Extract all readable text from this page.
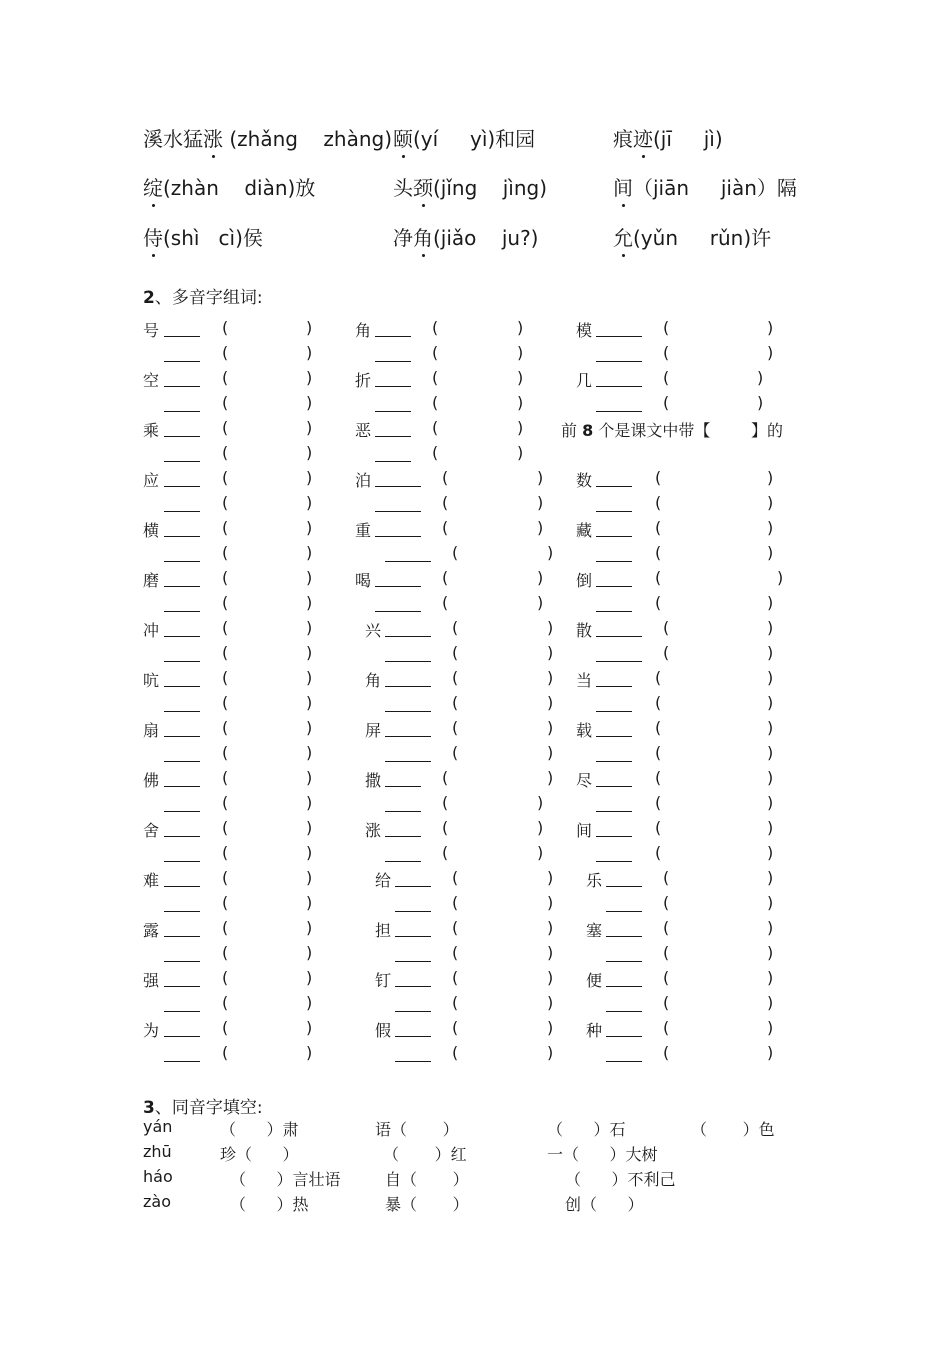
溪水猛涨 (zhǎng    zhàng) 颐(yí     yì)和园	痕迹(jī     jì)
绽(zhàn    diàn)放	头颈(jǐng    jìng)	间（jiān     jiàn）隔
侍(shì   cì)侯	净角(jiǎo    ju?)	允(yǔn     rǔn)许
2、多音字组词:
号	(	)	角	(	)	模	(	)
(	)	(	)	(	)
空	(	)	折	(	)	几	(	)
(	)	(	)	(	)
乘	(	)	恶	(	)
(	)	(	)
应	(	)	泊	(	) 数	(	)
(	)	(	)	(	)
横	(	)	重	(	) 藏	(	)
(	)	(	)	(	)
磨	(	)	喝	(	) 倒	(	)
(	)	(	)	(	)
冲	(	)	兴	(	) 散	(	)
(	)	(	)	(	)
吭	(	)	角	(	) 当	(	)
(	)	(	)	(	)
扇	(	)	屏	(	) 载	(	)
(	)	(	)	(	)
佛	(	)	撒	(	) 尽	(	)
(	)	(	)	(	)
舍	(	)	涨	(	) 间	(	)
(	)	(	)	(	)
难	(	)	给	(	) 乐	(	)
(	)	(	)	(	)
露	(	)	担	(	) 塞	(	)
(	)	(	)	(	)
强	(	)	钉	(	) 便	(	)
(	)	(	)	(	)
为	(	)	假	(	) 种	(	)
(	)	(	)	(	)
前 8 个是课文中带【        】的
3、同音字填空:
yán	（      ）肃	语（       ）	（      ）石	（       ）色
zhū	珍（      ）	（       ）红	一（      ）大树
háo	（      ）言壮语	自（       ）	（      ）不利己
zào	（      ）热	暴（       ）	创（      ）
